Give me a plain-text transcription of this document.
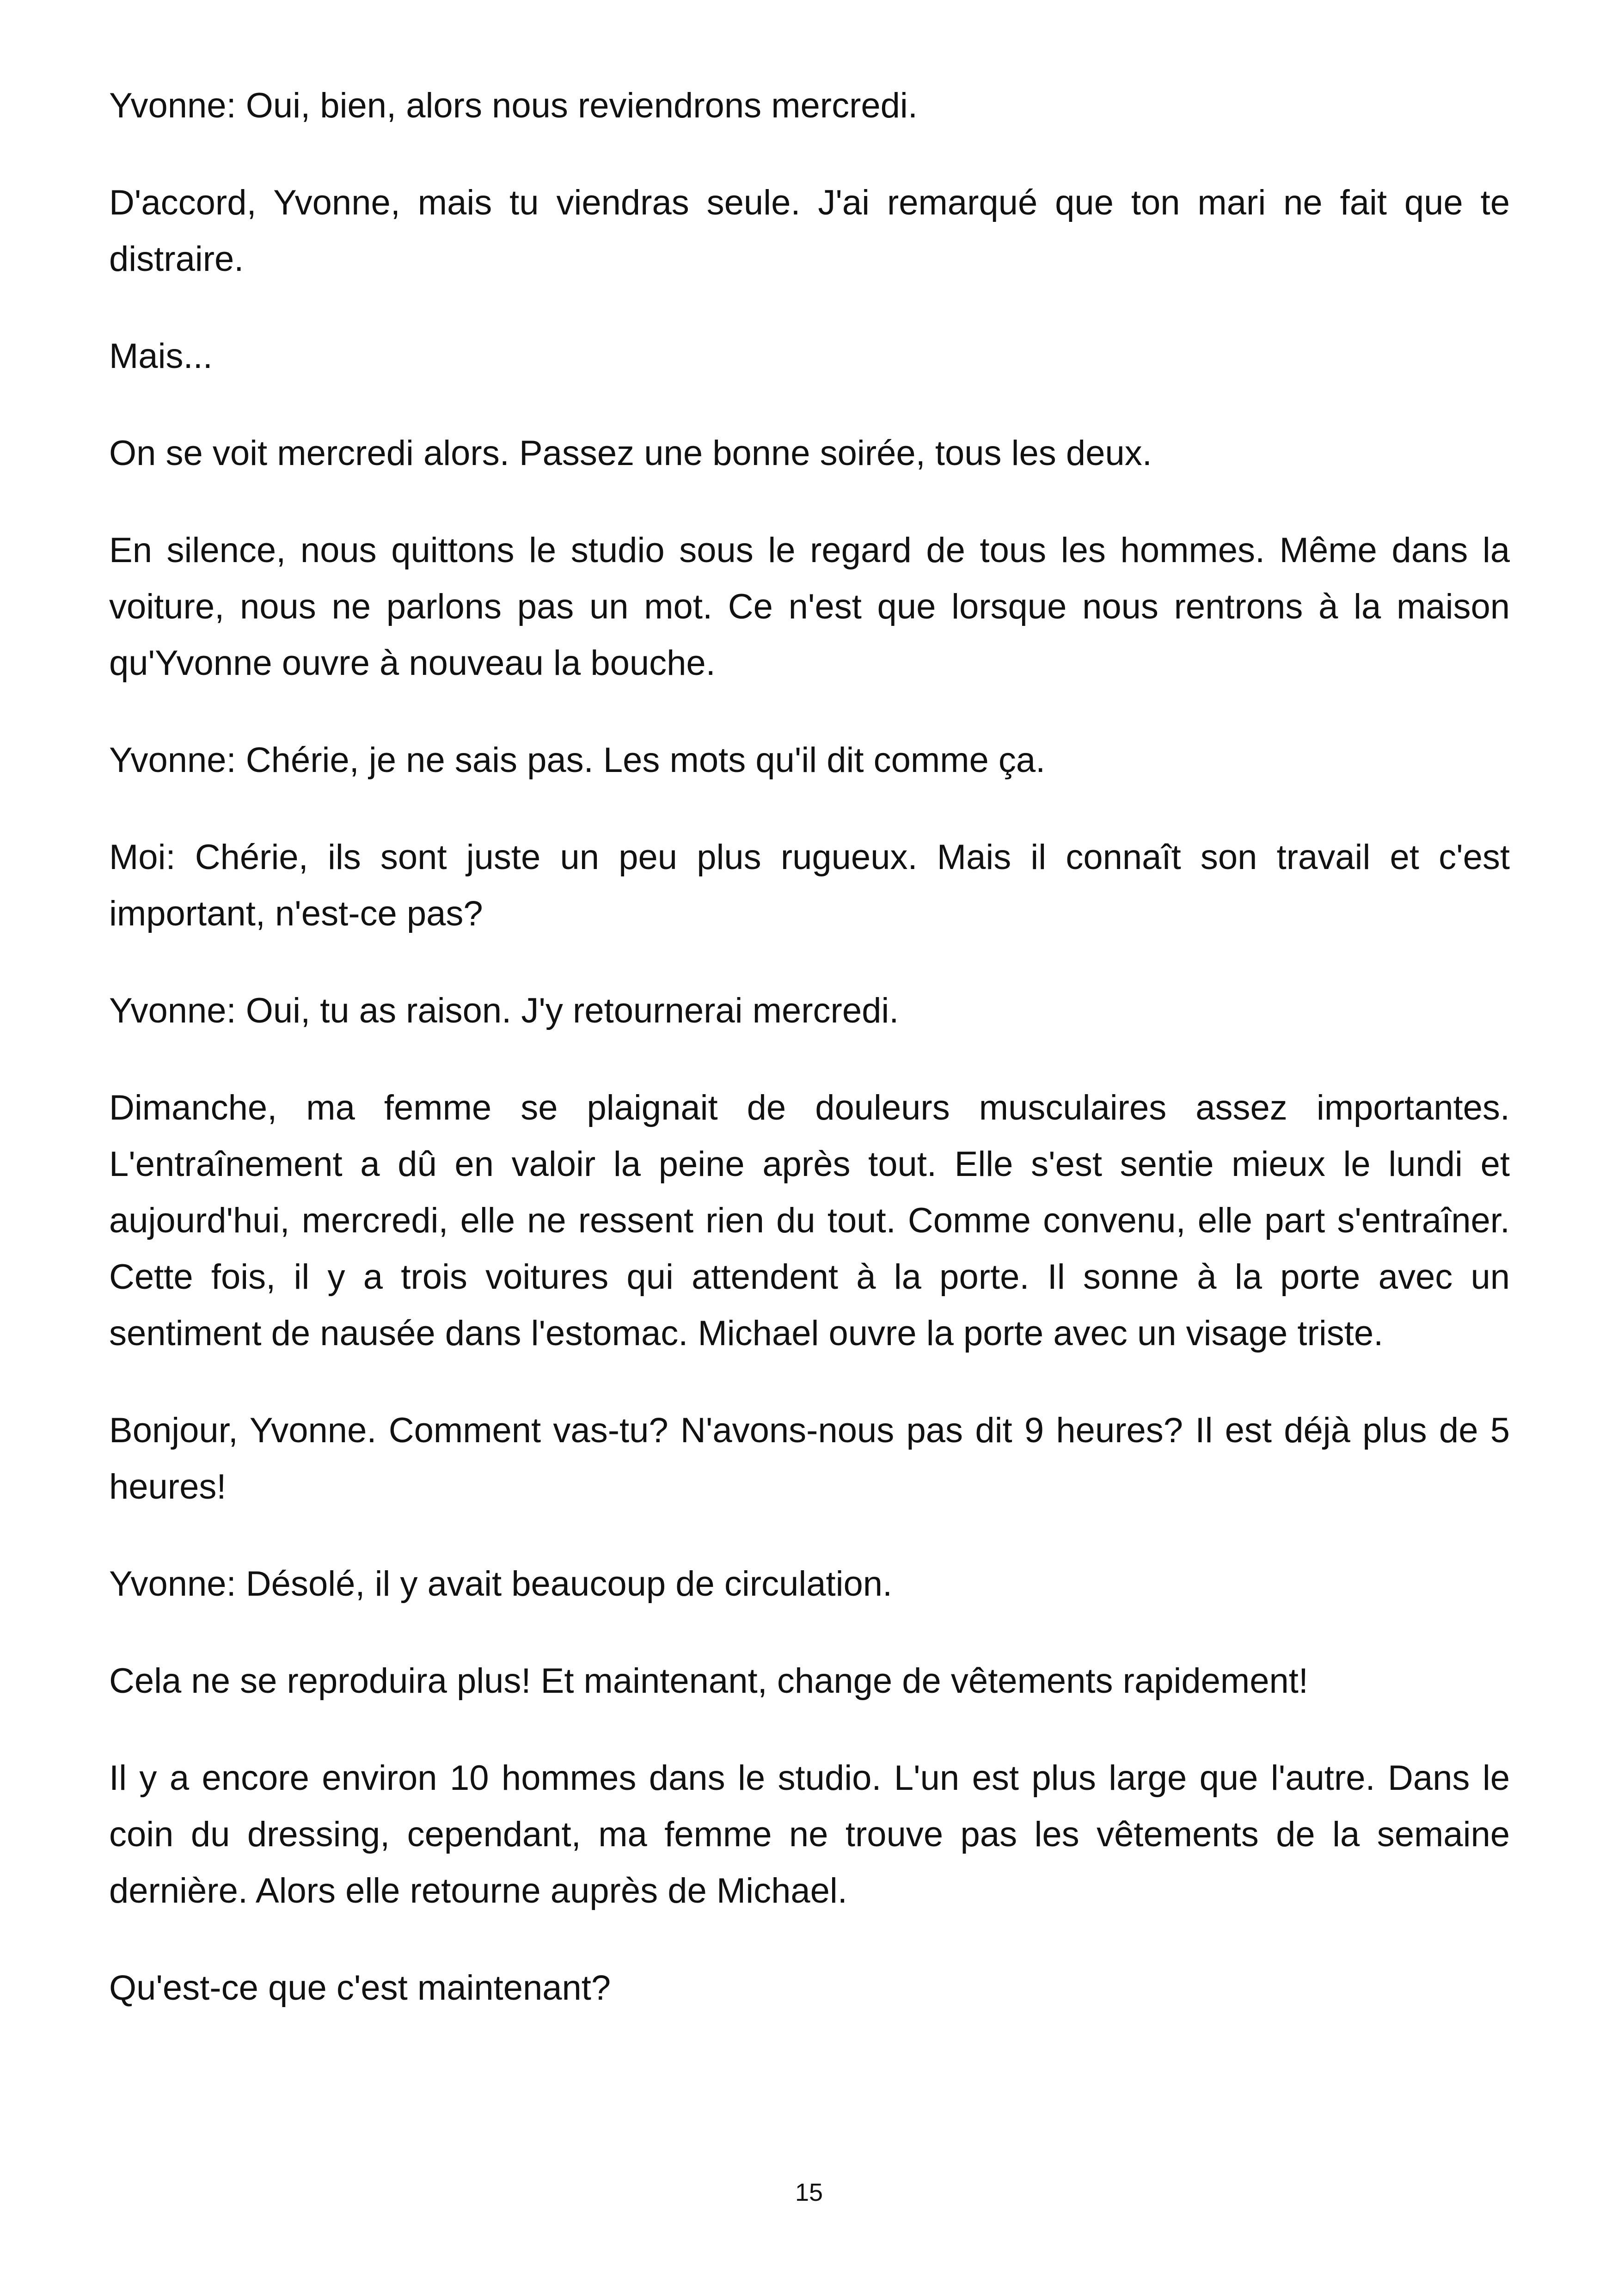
Yvonne: Oui, bien, alors nous reviendrons mercredi.

D'accord, Yvonne, mais tu viendras seule. J'ai remarqué que ton mari ne fait que te distraire.

Mais...

On se voit mercredi alors. Passez une bonne soirée, tous les deux.

En silence, nous quittons le studio sous le regard de tous les hommes. Même dans la voiture, nous ne parlons pas un mot. Ce n'est que lorsque nous rentrons à la maison qu'Yvonne ouvre à nouveau la bouche.

Yvonne: Chérie, je ne sais pas. Les mots qu'il dit comme ça.

Moi: Chérie, ils sont juste un peu plus rugueux. Mais il connaît son travail et c'est important, n'est-ce pas?

Yvonne: Oui, tu as raison. J'y retournerai mercredi.

Dimanche, ma femme se plaignait de douleurs musculaires assez importantes. L'entraînement a dû en valoir la peine après tout. Elle s'est sentie mieux le lundi et aujourd'hui, mercredi, elle ne ressent rien du tout. Comme convenu, elle part s'entraîner. Cette fois, il y a trois voitures qui attendent à la porte. Il sonne à la porte avec un sentiment de nausée dans l'estomac. Michael ouvre la porte avec un visage triste.

Bonjour, Yvonne. Comment vas-tu? N'avons-nous pas dit 9 heures? Il est déjà plus de 5 heures!

Yvonne: Désolé, il y avait beaucoup de circulation.

Cela ne se reproduira plus! Et maintenant, change de vêtements rapidement!

Il y a encore environ 10 hommes dans le studio. L'un est plus large que l'autre. Dans le coin du dressing, cependant, ma femme ne trouve pas les vêtements de la semaine dernière. Alors elle retourne auprès de Michael.

Qu'est-ce que c'est maintenant?

15
